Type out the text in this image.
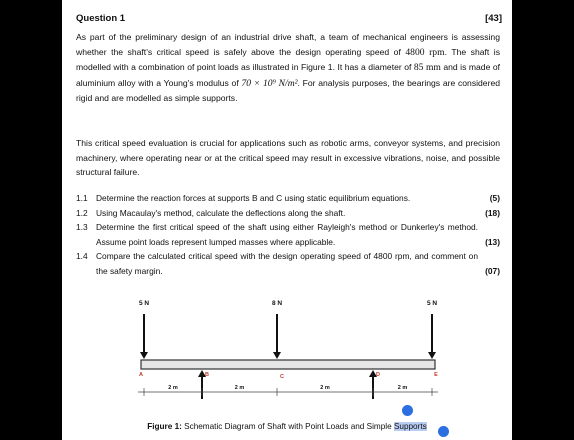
Question 1	[43]
As part of the preliminary design of an industrial drive shaft, a team of mechanical engineers is assessing whether the shaft's critical speed is safely above the design operating speed of 4800 rpm. The shaft is modelled with a combination of point loads as illustrated in Figure 1. It has a diameter of 85 mm and is made of aluminium alloy with a Young's modulus of 70 × 10⁹ N/m². For analysis purposes, the bearings are considered rigid and are modelled as simple supports.
This critical speed evaluation is crucial for applications such as robotic arms, conveyor systems, and precision machinery, where operating near or at the critical speed may result in excessive vibrations, noise, and possible structural failure.
1.1 Determine the reaction forces at supports B and C using static equilibrium equations.	(5)
1.2 Using Macaulay's method, calculate the deflections along the shaft.	(18)
1.3 Determine the first critical speed of the shaft using either Rayleigh's method or Dunkerley's method. Assume point loads represent lumped masses where applicable.	(13)
1.4 Compare the calculated critical speed with the design operating speed of 4800 rpm, and comment on the safety margin.	(07)
5 N	8 N	5 N
A	B	C	D	E
2 m	2 m	2 m	2 m
Figure 1: Schematic Diagram of Shaft with Point Loads and Simple Supports
